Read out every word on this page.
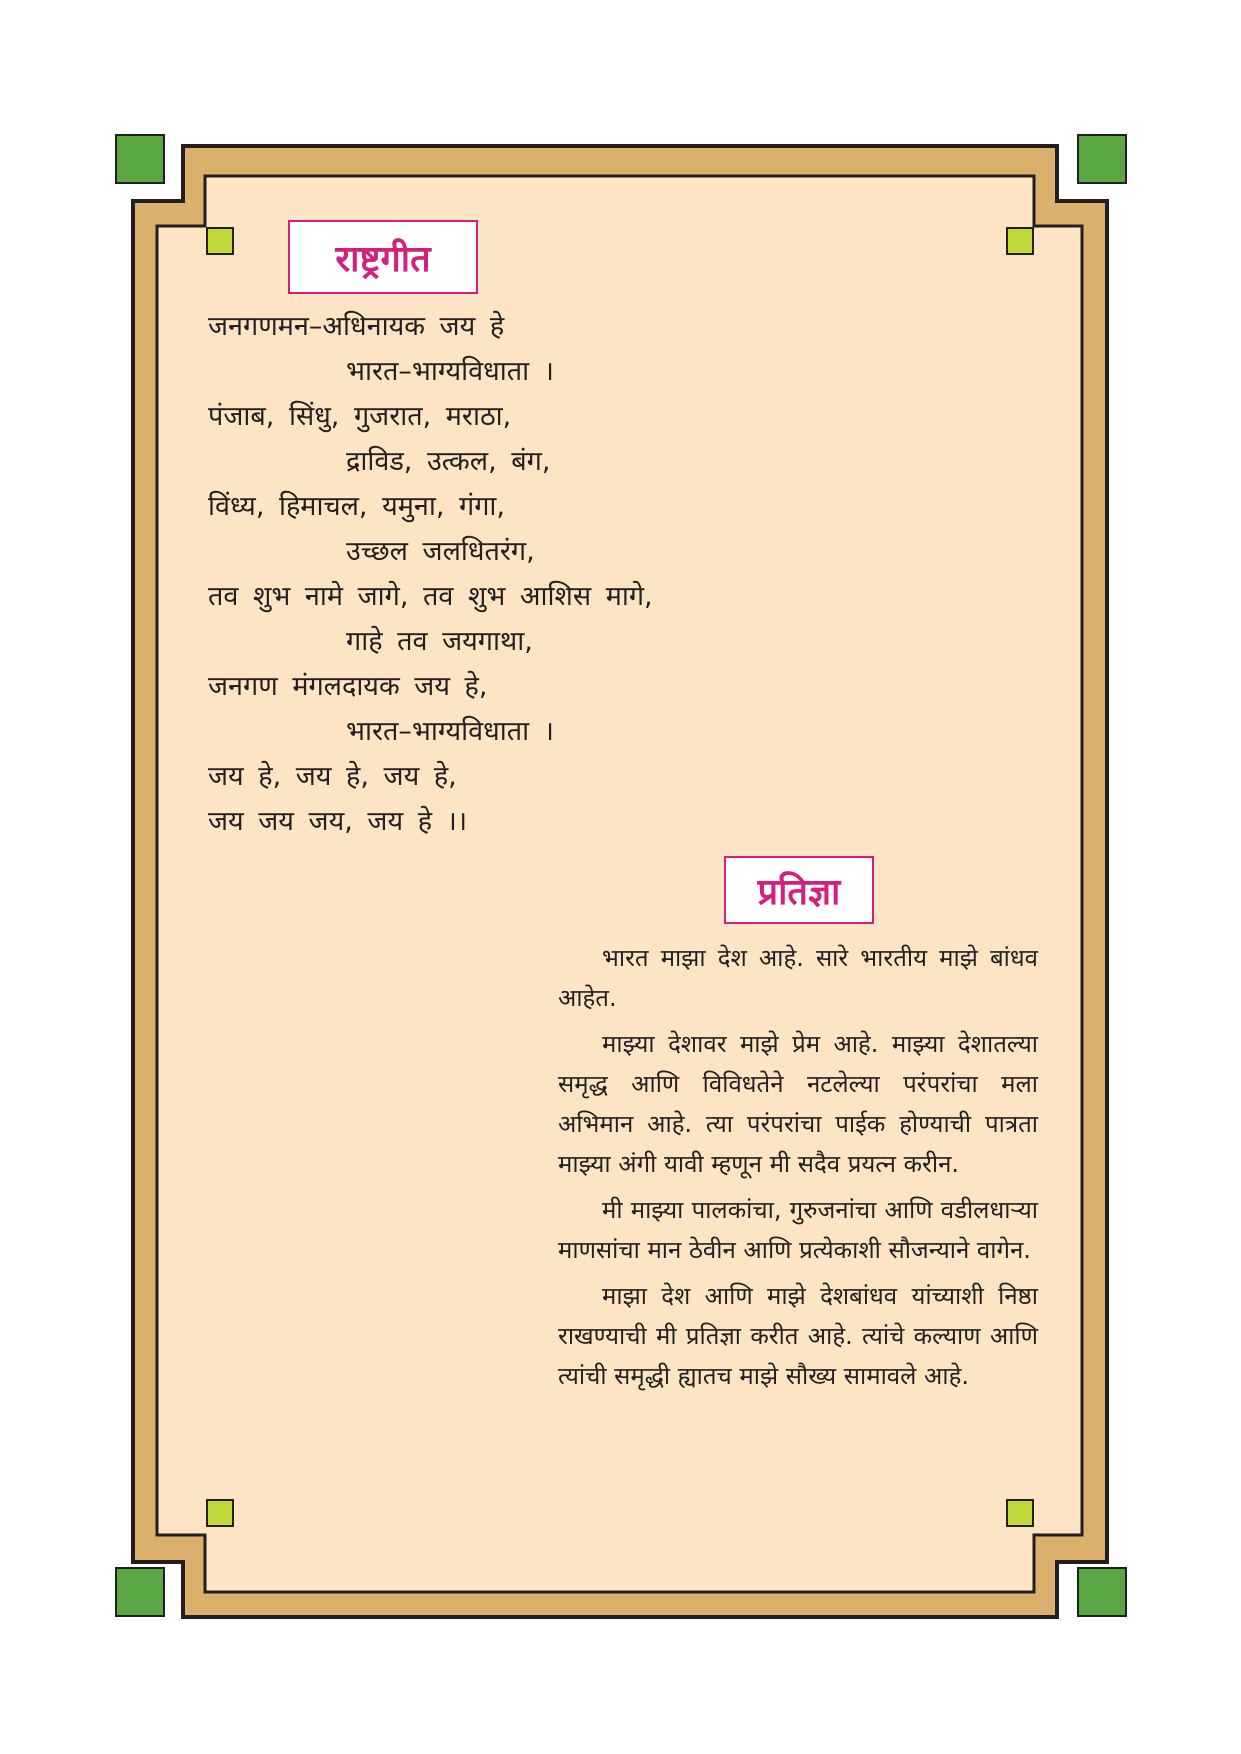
राष्ट्रगीत
जनगणमन–अधिनायक जय हे
भारत–भाग्यविधाता ।
पंजाब, सिंधु, गुजरात, मराठा,
द्राविड, उत्कल, बंग,
विंध्य, हिमाचल, यमुना, गंगा,
उच्छल जलधितरंग,
तव शुभ नामे जागे, तव शुभ आशिस मागे,
गाहे तव जयगाथा,
जनगण मंगलदायक जय हे,
भारत–भाग्यविधाता ।
जय हे, जय हे, जय हे,
जय जय जय, जय हे ।।
प्रतिज्ञा

भारत माझा देश आहे. सारे भारतीय माझे बांधव आहेत.

माझ्या देशावर माझे प्रेम आहे. माझ्या देशातल्या समृद्ध आणि विविधतेने नटलेल्या परंपरांचा मला अभिमान आहे. त्या परंपरांचा पाईक होण्याची पात्रता माझ्या अंगी यावी म्हणून मी सदैव प्रयत्न करीन.

मी माझ्या पालकांचा, गुरुजनांचा आणि वडीलधाऱ्या माणसांचा मान ठेवीन आणि प्रत्येकाशी सौजन्याने वागेन.

माझा देश आणि माझे देशबांधव यांच्याशी निष्ठा राखण्याची मी प्रतिज्ञा करीत आहे. त्यांचे कल्याण आणि त्यांची समृद्धी ह्यातच माझे सौख्य सामावले आहे.
